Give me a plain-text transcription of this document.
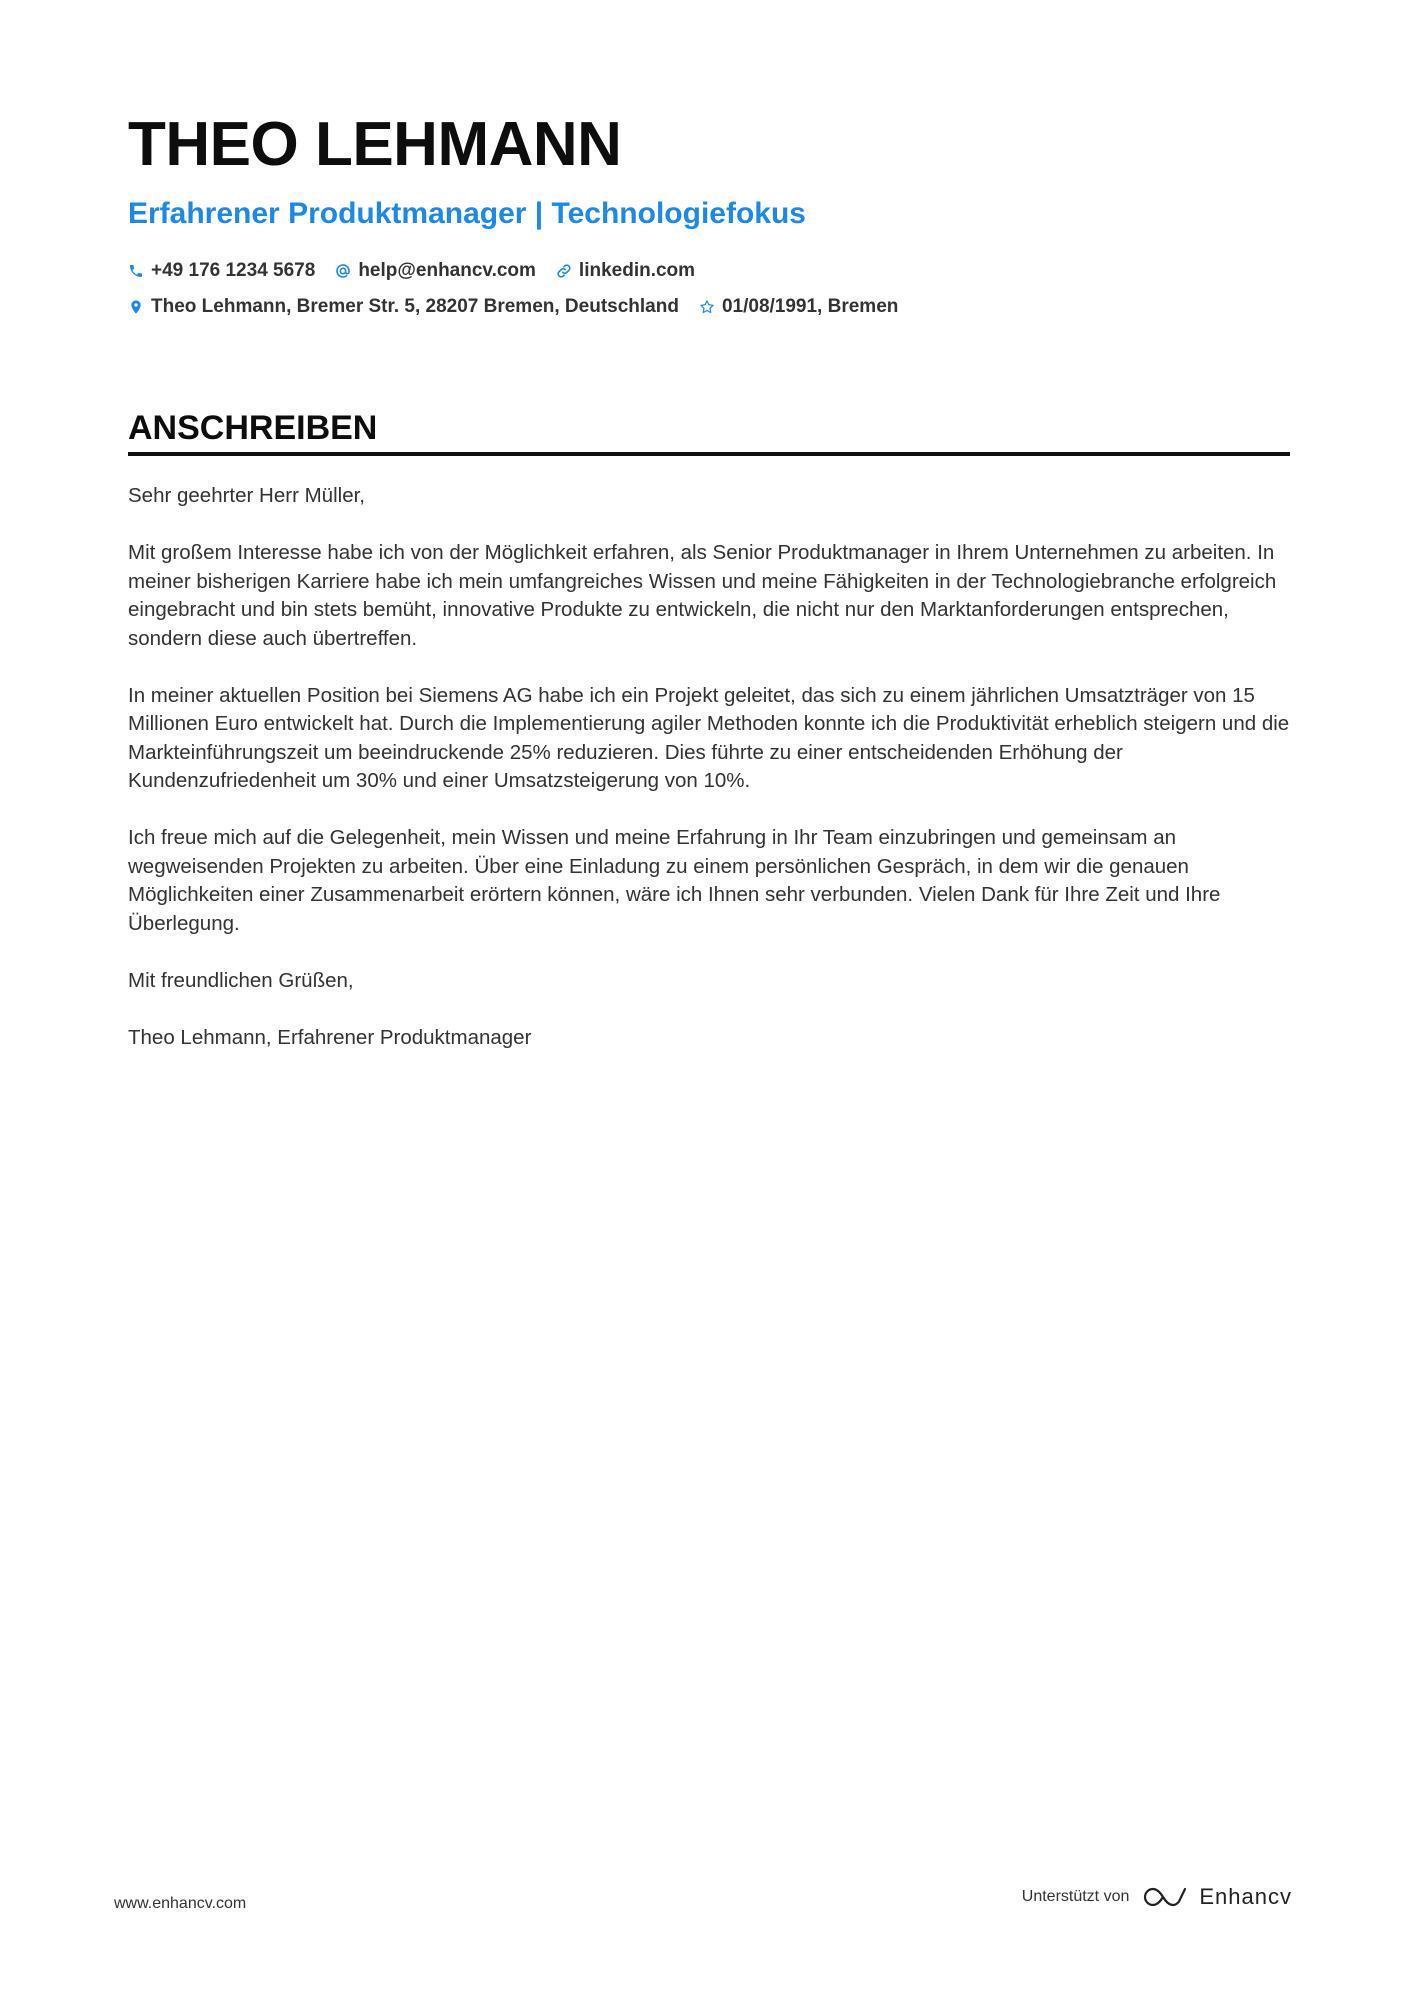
THEO LEHMANN
Erfahrener Produktmanager | Technologiefokus
+49 176 1234 5678 help@enhancv.com linkedin.com
Theo Lehmann, Bremer Str. 5, 28207 Bremen, Deutschland 01/08/1991, Bremen
ANSCHREIBEN

Sehr geehrter Herr Müller,

Mit großem Interesse habe ich von der Möglichkeit erfahren, als Senior Produktmanager in Ihrem Unternehmen zu arbeiten. In meiner bisherigen Karriere habe ich mein umfangreiches Wissen und meine Fähigkeiten in der Technologiebranche erfolgreich eingebracht und bin stets bemüht, innovative Produkte zu entwickeln, die nicht nur den Marktanforderungen entsprechen, sondern diese auch übertreffen.

In meiner aktuellen Position bei Siemens AG habe ich ein Projekt geleitet, das sich zu einem jährlichen Umsatzträger von 15 Millionen Euro entwickelt hat. Durch die Implementierung agiler Methoden konnte ich die Produktivität erheblich steigern und die Markteinführungszeit um beeindruckende 25% reduzieren. Dies führte zu einer entscheidenden Erhöhung der Kundenzufriedenheit um 30% und einer Umsatzsteigerung von 10%.

Ich freue mich auf die Gelegenheit, mein Wissen und meine Erfahrung in Ihr Team einzubringen und gemeinsam an wegweisenden Projekten zu arbeiten. Über eine Einladung zu einem persönlichen Gespräch, in dem wir die genauen Möglichkeiten einer Zusammenarbeit erörtern können, wäre ich Ihnen sehr verbunden. Vielen Dank für Ihre Zeit und Ihre Überlegung.

Mit freundlichen Grüßen,

Theo Lehmann, Erfahrener Produktmanager

www.enhancv.com	Unterstützt von	Enhancv
